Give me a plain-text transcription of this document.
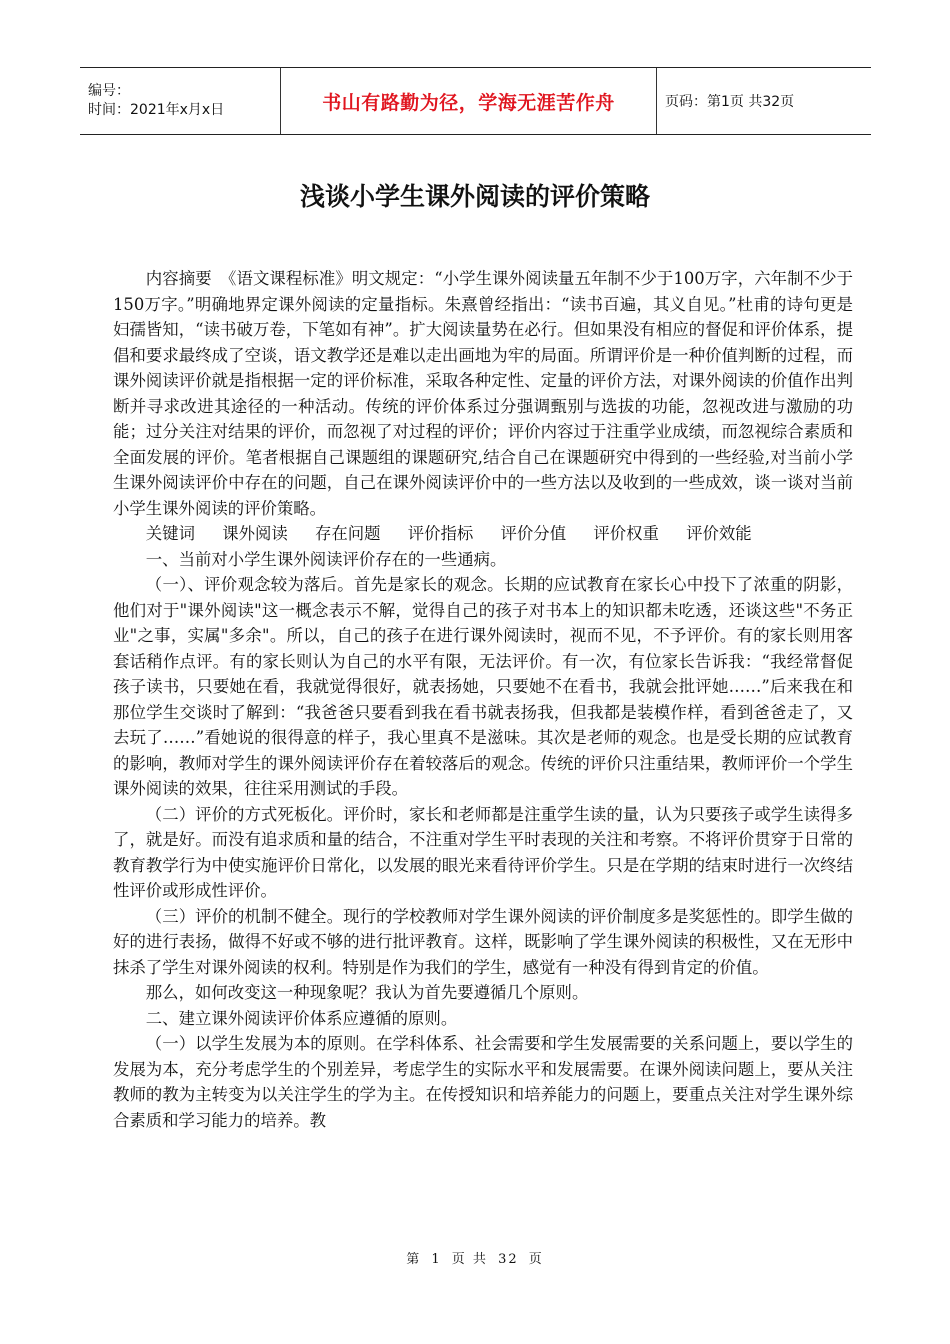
编号：
时间：2021年x月x日	书山有路勤为径，学海无涯苦作舟	页码：第1页 共32页
浅谈小学生课外阅读的评价策略

内容摘要　《语文课程标准》明文规定：“小学生课外阅读量五年制不少于100万字，六年制不少于150万字。”明确地界定课外阅读的定量指标。朱熹曾经指出：“读书百遍，其义自见。”杜甫的诗句更是妇孺皆知，“读书破万卷，下笔如有神”。扩大阅读量势在必行。但如果没有相应的督促和评价体系，提倡和要求最终成了空谈，语文教学还是难以走出画地为牢的局面。所谓评价是一种价值判断的过程，而课外阅读评价就是指根据一定的评价标准，采取各种定性、定量的评价方法，对课外阅读的价值作出判断并寻求改进其途径的一种活动。传统的评价体系过分强调甄别与选拔的功能，忽视改进与激励的功能；过分关注对结果的评价，而忽视了对过程的评价；评价内容过于注重学业成绩，而忽视综合素质和全面发展的评价。笔者根据自己课题组的课题研究,结合自己在课题研究中得到的一些经验,对当前小学生课外阅读评价中存在的问题，自己在课外阅读评价中的一些方法以及收到的一些成效，谈一谈对当前小学生课外阅读的评价策略。

关键词 课外阅读 存在问题 评价指标 评价分值 评价权重 评价效能

一、当前对小学生课外阅读评价存在的一些通病。

（一）、评价观念较为落后。首先是家长的观念。长期的应试教育在家长心中投下了浓重的阴影，他们对于"课外阅读"这一概念表示不解，觉得自己的孩子对书本上的知识都未吃透，还谈这些"不务正业"之事，实属"多余"。所以，自己的孩子在进行课外阅读时，视而不见，不予评价。有的家长则用客套话稍作点评。有的家长则认为自己的水平有限，无法评价。有一次，有位家长告诉我：“我经常督促孩子读书，只要她在看，我就觉得很好，就表扬她，只要她不在看书，我就会批评她……”后来我在和那位学生交谈时了解到：“我爸爸只要看到我在看书就表扬我，但我都是装模作样，看到爸爸走了，又去玩了……”看她说的很得意的样子，我心里真不是滋味。其次是老师的观念。也是受长期的应试教育的影响，教师对学生的课外阅读评价存在着较落后的观念。传统的评价只注重结果，教师评价一个学生课外阅读的效果，往往采用测试的手段。

（二）评价的方式死板化。评价时，家长和老师都是注重学生读的量，认为只要孩子或学生读得多了，就是好。而没有追求质和量的结合，不注重对学生平时表现的关注和考察。不将评价贯穿于日常的教育教学行为中使实施评价日常化，以发展的眼光来看待评价学生。只是在学期的结束时进行一次终结性评价或形成性评价。

（三）评价的机制不健全。现行的学校教师对学生课外阅读的评价制度多是奖惩性的。即学生做的好的进行表扬，做得不好或不够的进行批评教育。这样，既影响了学生课外阅读的积极性，又在无形中抹杀了学生对课外阅读的权利。特别是作为我们的学生，感觉有一种没有得到肯定的价值。

那么，如何改变这一种现象呢？我认为首先要遵循几个原则。

二、建立课外阅读评价体系应遵循的原则。

（一）以学生发展为本的原则。在学科体系、社会需要和学生发展需要的关系问题上，要以学生的发展为本，充分考虑学生的个别差异，考虑学生的实际水平和发展需要。在课外阅读问题上，要从关注教师的教为主转变为以关注学生的学为主。在传授知识和培养能力的问题上，要重点关注对学生课外综合素质和学习能力的培养。教

第 1 页 共 32 页
